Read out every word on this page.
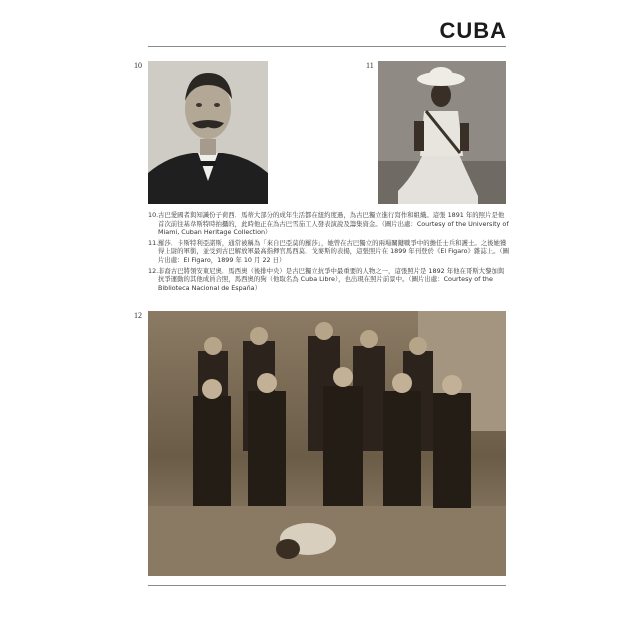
CUBA
10	11
10. 古巴愛國者與知識份子荷西．馬蒂大部分的成年生活都在紐約度過，為古巴獨立進行寫作和組織。這張 1891 年的照片是他首次前往基韋斯特時拍攝的，此時他正在為古巴雪茄工人發表演說及籌集資金。（圖片出處：Courtesy of the University of Miami, Cuban Heritage Collection）
11. 羅莎．卡斯特利亞諾斯，通常被稱為「來自巴亞莫的羅莎」，她曾在古巴獨立的兩場關鍵戰爭中的擔任士兵和護士。之後她獲得上尉的軍銜，並受到古巴解放軍最高指揮官馬西莫．戈麥斯的表揚，這張照片在 1899 年刊登於《El Figaro》雜誌上。（圖片出處：El Figaro，1899 年 10 月 22 日）
12. 非裔古巴將領安東尼奧．馬西奧（後排中央）是古巴獨立抗爭中最重要的人物之一，這張照片是 1892 年他在哥斯大黎加與抗爭運動的其他成員合照，馬西奧的狗（他取名為 Cuba Libre），也出現在照片前景中。（圖片出處：Courtesy of the Biblioteca Nacional de España）
12
